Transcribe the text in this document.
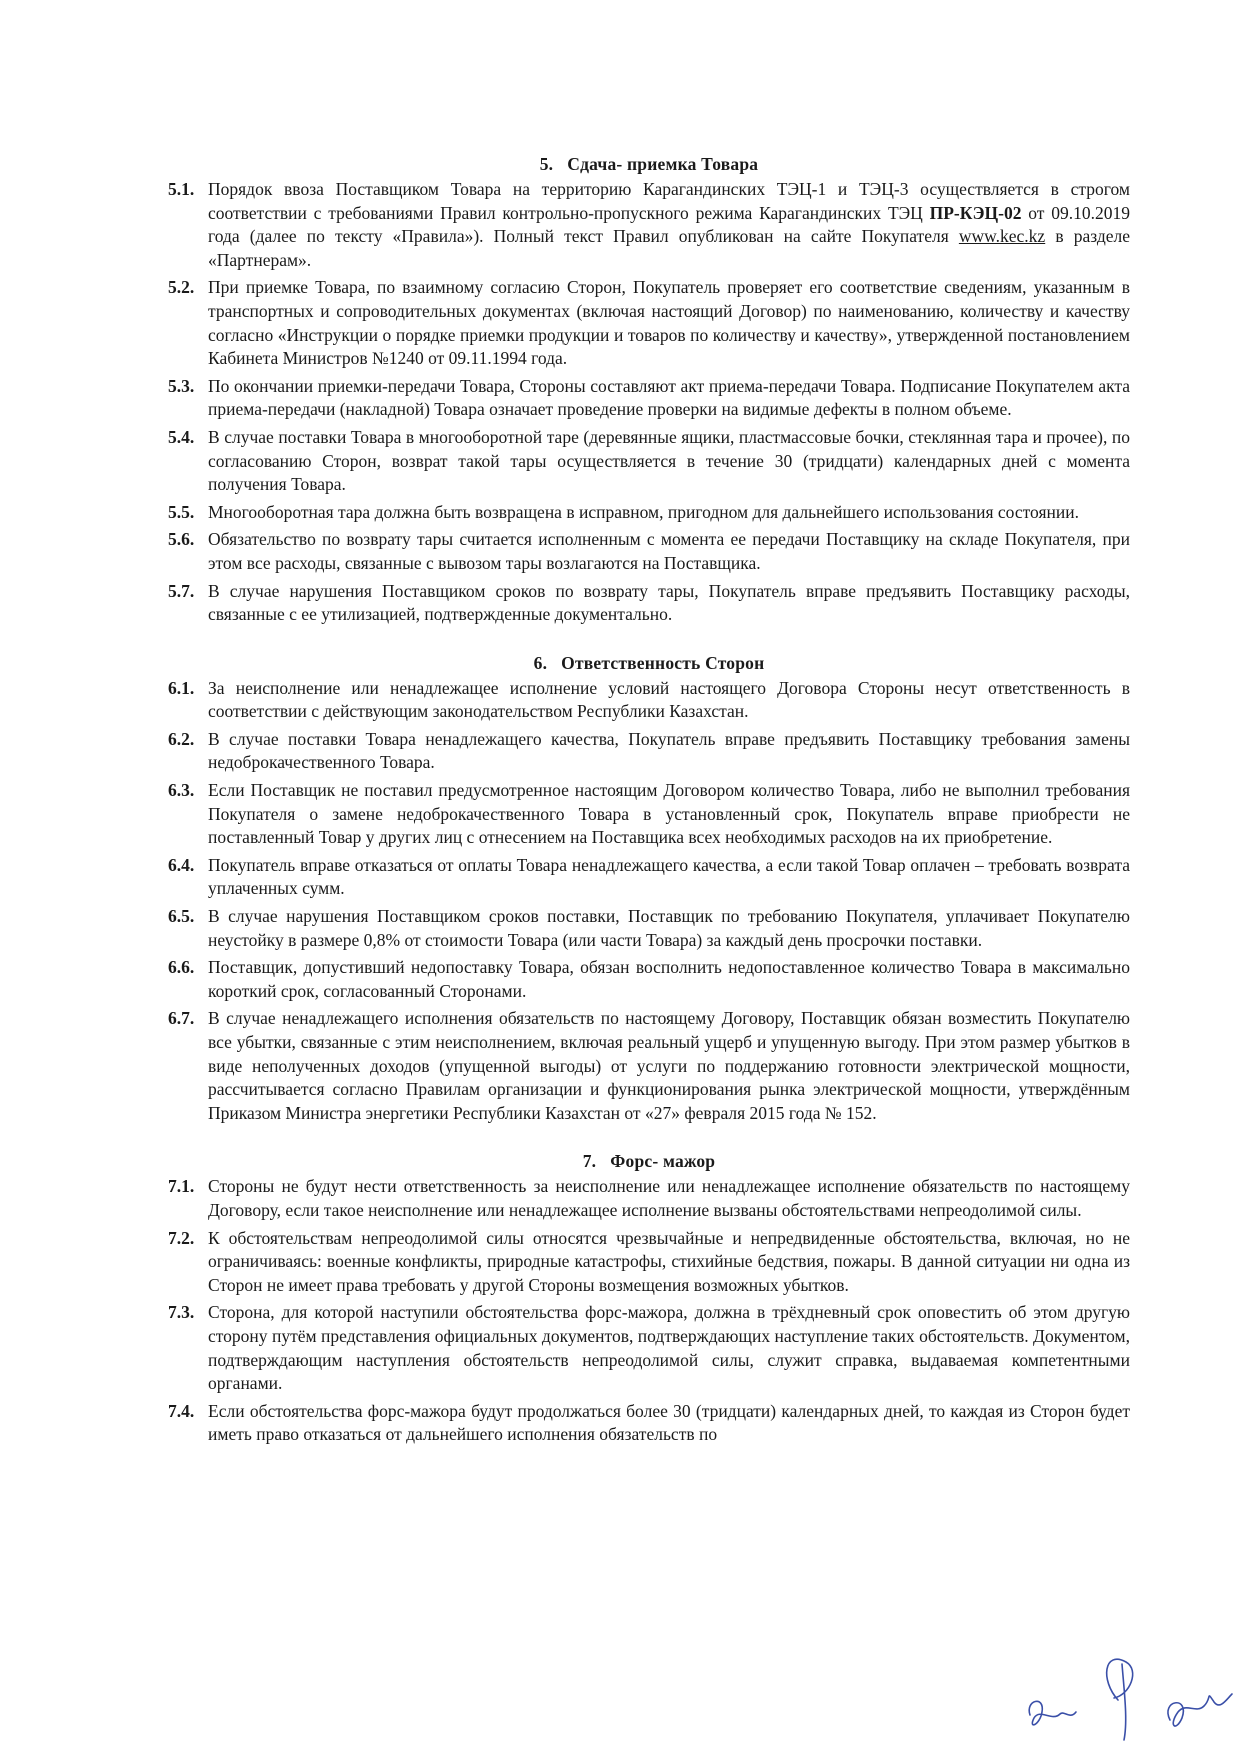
5. Сдача- приемка Товара
5.1. Порядок ввоза Поставщиком Товара на территорию Карагандинских ТЭЦ-1 и ТЭЦ-3 осуществляется в строгом соответствии с требованиями Правил контрольно-пропускного режима Карагандинских ТЭЦ ПР-КЭЦ-02 от 09.10.2019 года (далее по тексту «Правила»). Полный текст Правил опубликован на сайте Покупателя www.kec.kz в разделе «Партнерам».
5.2. При приемке Товара, по взаимному согласию Сторон, Покупатель проверяет его соответствие сведениям, указанным в транспортных и сопроводительных документах (включая настоящий Договор) по наименованию, количеству и качеству согласно «Инструкции о порядке приемки продукции и товаров по количеству и качеству», утвержденной постановлением Кабинета Министров №1240 от 09.11.1994 года.
5.3. По окончании приемки-передачи Товара, Стороны составляют акт приема-передачи Товара. Подписание Покупателем акта приема-передачи (накладной) Товара означает проведение проверки на видимые дефекты в полном объеме.
5.4. В случае поставки Товара в многооборотной таре (деревянные ящики, пластмассовые бочки, стеклянная тара и прочее), по согласованию Сторон, возврат такой тары осуществляется в течение 30 (тридцати) календарных дней с момента получения Товара.
5.5. Многооборотная тара должна быть возвращена в исправном, пригодном для дальнейшего использования состоянии.
5.6. Обязательство по возврату тары считается исполненным с момента ее передачи Поставщику на складе Покупателя, при этом все расходы, связанные с вывозом тары возлагаются на Поставщика.
5.7. В случае нарушения Поставщиком сроков по возврату тары, Покупатель вправе предъявить Поставщику расходы, связанные с ее утилизацией, подтвержденные документально.
6. Ответственность Сторон
6.1. За неисполнение или ненадлежащее исполнение условий настоящего Договора Стороны несут ответственность в соответствии с действующим законодательством Республики Казахстан.
6.2. В случае поставки Товара ненадлежащего качества, Покупатель вправе предъявить Поставщику требования замены недоброкачественного Товара.
6.3. Если Поставщик не поставил предусмотренное настоящим Договором количество Товара, либо не выполнил требования Покупателя о замене недоброкачественного Товара в установленный срок, Покупатель вправе приобрести не поставленный Товар у других лиц с отнесением на Поставщика всех необходимых расходов на их приобретение.
6.4. Покупатель вправе отказаться от оплаты Товара ненадлежащего качества, а если такой Товар оплачен – требовать возврата уплаченных сумм.
6.5. В случае нарушения Поставщиком сроков поставки, Поставщик по требованию Покупателя, уплачивает Покупателю неустойку в размере 0,8% от стоимости Товара (или части Товара) за каждый день просрочки поставки.
6.6. Поставщик, допустивший недопоставку Товара, обязан восполнить недопоставленное количество Товара в максимально короткий срок, согласованный Сторонами.
6.7. В случае ненадлежащего исполнения обязательств по настоящему Договору, Поставщик обязан возместить Покупателю все убытки, связанные с этим неисполнением, включая реальный ущерб и упущенную выгоду. При этом размер убытков в виде неполученных доходов (упущенной выгоды) от услуги по поддержанию готовности электрической мощности, рассчитывается согласно Правилам организации и функционирования рынка электрической мощности, утверждённым Приказом Министра энергетики Республики Казахстан от «27» февраля 2015 года № 152.
7. Форс- мажор
7.1. Стороны не будут нести ответственность за неисполнение или ненадлежащее исполнение обязательств по настоящему Договору, если такое неисполнение или ненадлежащее исполнение вызваны обстоятельствами непреодолимой силы.
7.2. К обстоятельствам непреодолимой силы относятся чрезвычайные и непредвиденные обстоятельства, включая, но не ограничиваясь: военные конфликты, природные катастрофы, стихийные бедствия, пожары. В данной ситуации ни одна из Сторон не имеет права требовать у другой Стороны возмещения возможных убытков.
7.3. Сторона, для которой наступили обстоятельства форс-мажора, должна в трёхдневный срок оповестить об этом другую сторону путём представления официальных документов, подтверждающих наступление таких обстоятельств. Документом, подтверждающим наступления обстоятельств непреодолимой силы, служит справка, выдаваемая компетентными органами.
7.4. Если обстоятельства форс-мажора будут продолжаться более 30 (тридцати) календарных дней, то каждая из Сторон будет иметь право отказаться от дальнейшего исполнения обязательств по
